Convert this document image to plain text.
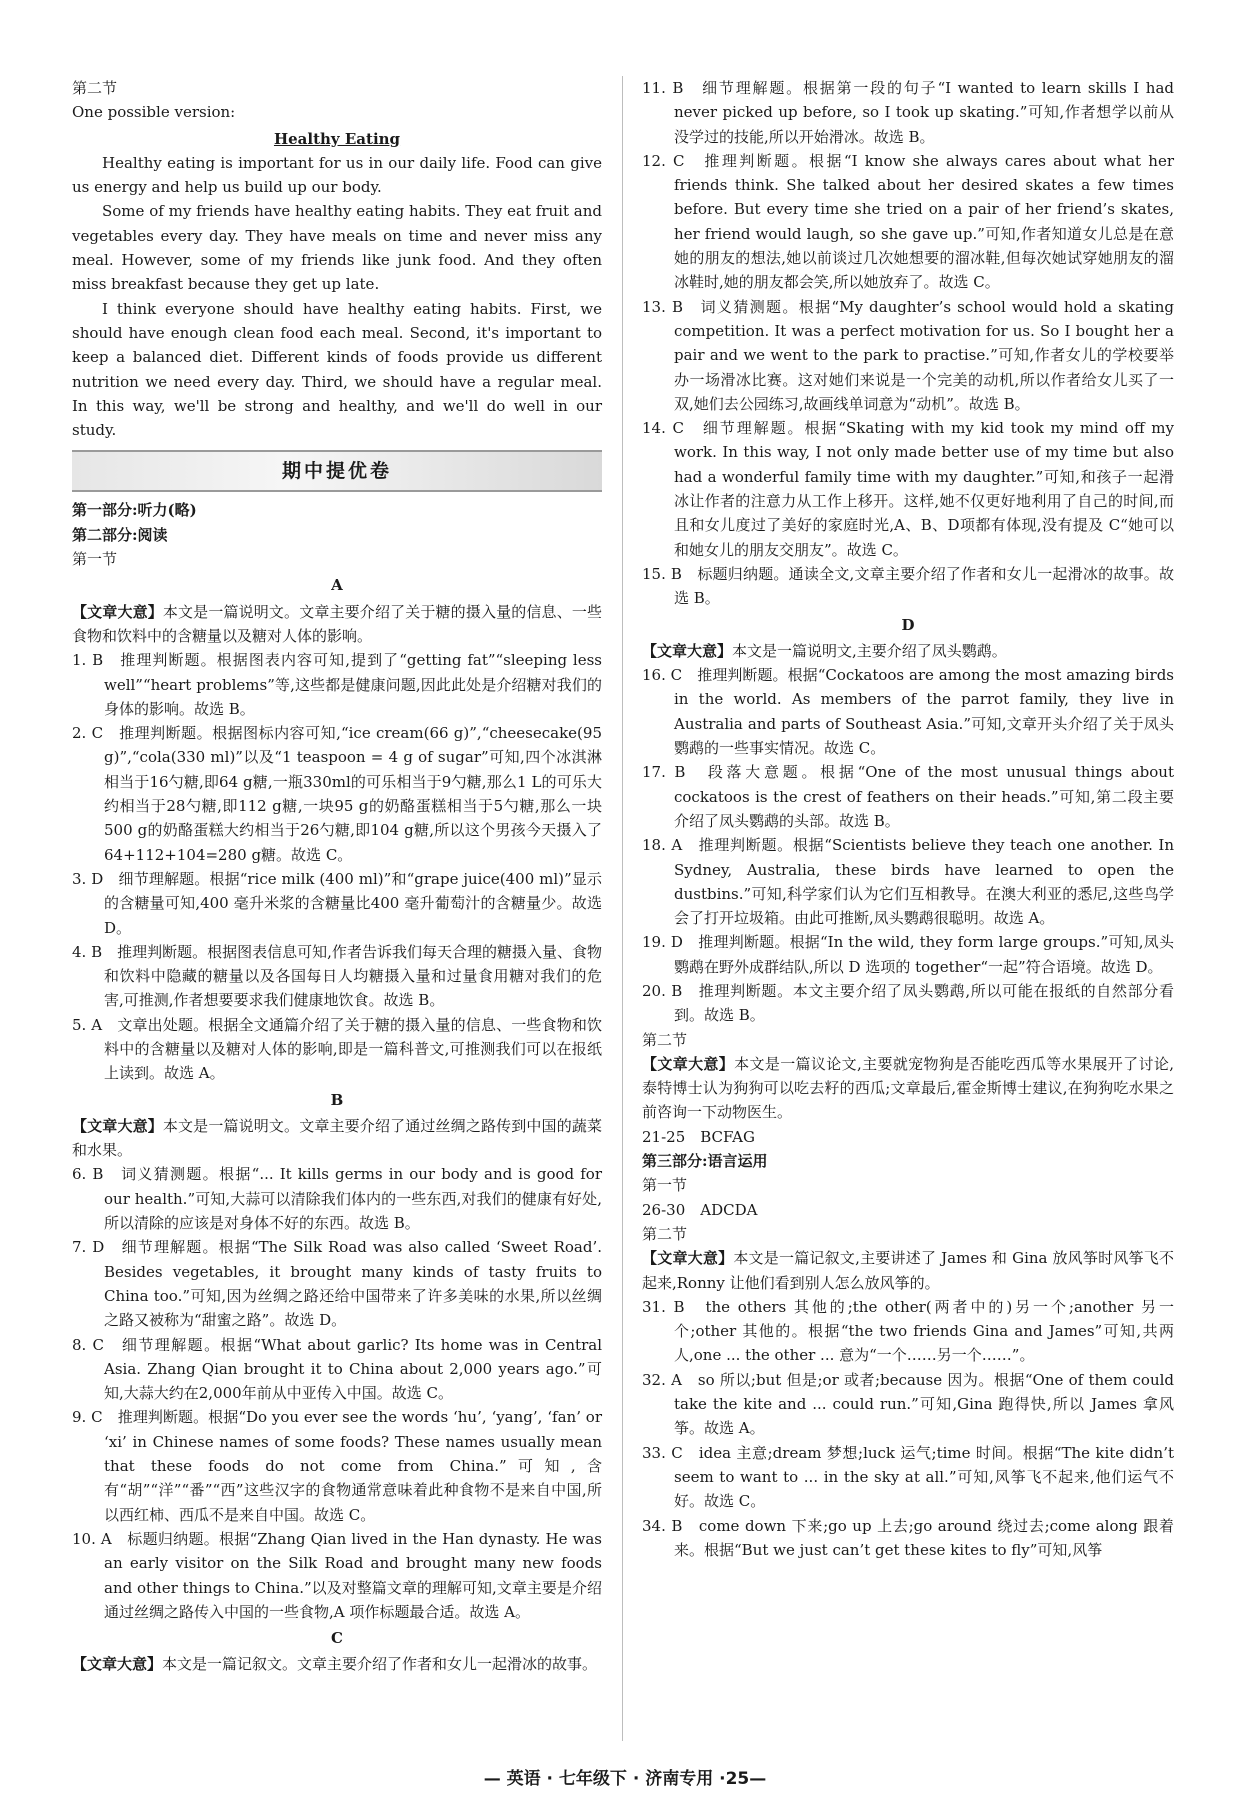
第二节

One possible version:

Healthy Eating

Healthy eating is important for us in our daily life. Food can give us energy and help us build up our body.

Some of my friends have healthy eating habits. They eat fruit and vegetables every day. They have meals on time and never miss any meal. However, some of my friends like junk food. And they often miss breakfast because they get up late.

I think everyone should have healthy eating habits. First, we should have enough clean food each meal. Second, it's important to keep a balanced diet. Different kinds of foods provide us different nutrition we need every day. Third, we should have a regular meal. In this way, we'll be strong and healthy, and we'll do well in our study.

期中提优卷

第一部分:听力(略)

第二部分:阅读

第一节

A

【文章大意】本文是一篇说明文。文章主要介绍了关于糖的摄入量的信息、一些食物和饮料中的含糖量以及糖对人体的影响。

1. B　推理判断题。根据图表内容可知,提到了“getting fat”“sleeping less well”“heart problems”等,这些都是健康问题,因此此处是介绍糖对我们的身体的影响。故选 B。

2. C　推理判断题。根据图标内容可知,“ice cream(66 g)”,“cheesecake(95 g)”,“cola(330 ml)”以及“1 teaspoon = 4 g of sugar”可知,四个冰淇淋相当于16勺糖,即64 g糖,一瓶330ml的可乐相当于9勺糖,那么1 L的可乐大约相当于28勺糖,即112 g糖,一块95 g的奶酪蛋糕相当于5勺糖,那么一块500 g的奶酪蛋糕大约相当于26勺糖,即104 g糖,所以这个男孩今天摄入了64+112+104=280 g糖。故选 C。

3. D　细节理解题。根据“rice milk (400 ml)”和“grape juice(400 ml)”显示的含糖量可知,400 毫升米浆的含糖量比400 毫升葡萄汁的含糖量少。故选 D。

4. B　推理判断题。根据图表信息可知,作者告诉我们每天合理的糖摄入量、食物和饮料中隐藏的糖量以及各国每日人均糖摄入量和过量食用糖对我们的危害,可推测,作者想要要求我们健康地饮食。故选 B。

5. A　文章出处题。根据全文通篇介绍了关于糖的摄入量的信息、一些食物和饮料中的含糖量以及糖对人体的影响,即是一篇科普文,可推测我们可以在报纸上读到。故选 A。

B

【文章大意】本文是一篇说明文。文章主要介绍了通过丝绸之路传到中国的蔬菜和水果。

6. B　词义猜测题。根据“... It kills germs in our body and is good for our health.”可知,大蒜可以清除我们体内的一些东西,对我们的健康有好处,所以清除的应该是对身体不好的东西。故选 B。

7. D　细节理解题。根据“The Silk Road was also called ‘Sweet Road’. Besides vegetables, it brought many kinds of tasty fruits to China too.”可知,因为丝绸之路还给中国带来了许多美味的水果,所以丝绸之路又被称为“甜蜜之路”。故选 D。

8. C　细节理解题。根据“What about garlic? Its home was in Central Asia. Zhang Qian brought it to China about 2,000 years ago.”可知,大蒜大约在2,000年前从中亚传入中国。故选 C。

9. C　推理判断题。根据“Do you ever see the words ‘hu’, ‘yang’, ‘fan’ or ‘xi’ in Chinese names of some foods? These names usually mean that these foods do not come from China.”可知,含有“胡”“洋”“番”“西”这些汉字的食物通常意味着此种食物不是来自中国,所以西红柿、西瓜不是来自中国。故选 C。

10. A　标题归纳题。根据“Zhang Qian lived in the Han dynasty. He was an early visitor on the Silk Road and brought many new foods and other things to China.”以及对整篇文章的理解可知,文章主要是介绍通过丝绸之路传入中国的一些食物,A 项作标题最合适。故选 A。

C

【文章大意】本文是一篇记叙文。文章主要介绍了作者和女儿一起滑冰的故事。

11. B　细节理解题。根据第一段的句子“I wanted to learn skills I had never picked up before, so I took up skating.”可知,作者想学以前从没学过的技能,所以开始滑冰。故选 B。

12. C　推理判断题。根据“I know she always cares about what her friends think. She talked about her desired skates a few times before. But every time she tried on a pair of her friend’s skates, her friend would laugh, so she gave up.”可知,作者知道女儿总是在意她的朋友的想法,她以前谈过几次她想要的溜冰鞋,但每次她试穿她朋友的溜冰鞋时,她的朋友都会笑,所以她放弃了。故选 C。

13. B　词义猜测题。根据“My daughter’s school would hold a skating competition. It was a perfect motivation for us. So I bought her a pair and we went to the park to practise.”可知,作者女儿的学校要举办一场滑冰比赛。这对她们来说是一个完美的动机,所以作者给女儿买了一双,她们去公园练习,故画线单词意为“动机”。故选 B。

14. C　细节理解题。根据“Skating with my kid took my mind off my work. In this way, I not only made better use of my time but also had a wonderful family time with my daughter.”可知,和孩子一起滑冰让作者的注意力从工作上移开。这样,她不仅更好地利用了自己的时间,而且和女儿度过了美好的家庭时光,A、B、D项都有体现,没有提及 C“她可以和她女儿的朋友交朋友”。故选 C。

15. B　标题归纳题。通读全文,文章主要介绍了作者和女儿一起滑冰的故事。故选 B。

D

【文章大意】本文是一篇说明文,主要介绍了凤头鹦鹉。

16. C　推理判断题。根据“Cockatoos are among the most amazing birds in the world. As members of the parrot family, they live in Australia and parts of Southeast Asia.”可知,文章开头介绍了关于凤头鹦鹉的一些事实情况。故选 C。

17. B　段落大意题。根据“One of the most unusual things about cockatoos is the crest of feathers on their heads.”可知,第二段主要介绍了凤头鹦鹉的头部。故选 B。

18. A　推理判断题。根据“Scientists believe they teach one another. In Sydney, Australia, these birds have learned to open the dustbins.”可知,科学家们认为它们互相教导。在澳大利亚的悉尼,这些鸟学会了打开垃圾箱。由此可推断,凤头鹦鹉很聪明。故选 A。

19. D　推理判断题。根据“In the wild, they form large groups.”可知,凤头鹦鹉在野外成群结队,所以 D 选项的 together“一起”符合语境。故选 D。

20. B　推理判断题。本文主要介绍了凤头鹦鹉,所以可能在报纸的自然部分看到。故选 B。

第二节

【文章大意】本文是一篇议论文,主要就宠物狗是否能吃西瓜等水果展开了讨论,泰特博士认为狗狗可以吃去籽的西瓜;文章最后,霍金斯博士建议,在狗狗吃水果之前咨询一下动物医生。

21-25　BCFAG

第三部分:语言运用

第一节

26-30　ADCDA

第二节

【文章大意】本文是一篇记叙文,主要讲述了 James 和 Gina 放风筝时风筝飞不起来,Ronny 让他们看到别人怎么放风筝的。

31. B　the others 其他的;the other(两者中的)另一个;another 另一个;other 其他的。根据“the two friends Gina and James”可知,共两人,one ... the other ... 意为“一个……另一个……”。

32. A　so 所以;but 但是;or 或者;because 因为。根据“One of them could take the kite and ... could run.”可知,Gina 跑得快,所以 James 拿风筝。故选 A。

33. C　idea 主意;dream 梦想;luck 运气;time 时间。根据“The kite didn’t seem to want to ... in the sky at all.”可知,风筝飞不起来,他们运气不好。故选 C。

34. B　come down 下来;go up 上去;go around 绕过去;come along 跟着来。根据“But we just can’t get these kites to fly”可知,风筝

— 英语 · 七年级下 · 济南专用 ·25—
